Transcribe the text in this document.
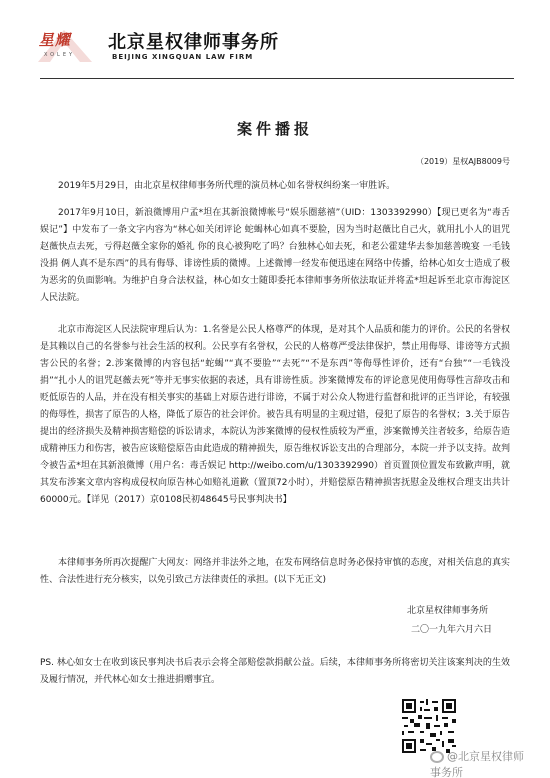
星耀
XOLEY
北京星权律师事务所
BEIJING XINGQUAN LAW FIRM
案件播报
（2019）星权AJB8009号

2019年5月29日，由北京星权律师事务所代理的演员林心如名誉权纠纷案一审胜诉。

2017年9月10日，新浪微博用户孟*坦在其新浪微博帐号“娱乐圈慈禧”（UID：1303392990）【现已更名为“毒舌娱记”】中发布了一条文字内容为“林心如关闭评论 蛇蝎林心如真不要脸，因为当时赵薇比自己火，就用扎小人的诅咒赵薇快点去死，亏得赵薇全家你的婚礼 你的良心被狗吃了吗？台独林心如去死，和老公霍建华去参加慈善晚宴 一毛钱没捐 俩人真不是东西”的具有侮辱、诽谤性质的微博。上述微博一经发布便迅速在网络中传播，给林心如女士造成了极为恶劣的负面影响。为维护自身合法权益，林心如女士随即委托本律师事务所依法取证并将孟*坦起诉至北京市海淀区人民法院。

北京市海淀区人民法院审理后认为：1.名誉是公民人格尊严的体现，是对其个人品质和能力的评价。公民的名誉权是其赖以自己的名誉参与社会生活的权利。公民享有名誉权，公民的人格尊严受法律保护，禁止用侮辱、诽谤等方式损害公民的名誉；2.涉案微博的内容包括“蛇蝎”“真不要脸”“去死”“不是东西”等侮辱性评价，还有“台独”“一毛钱没捐”“扎小人的诅咒赵薇去死”等并无事实依据的表述，具有诽谤性质。涉案微博发布的评论意见使用侮辱性言辞攻击和贬低原告的人品，并在没有相关事实的基础上对原告进行诽谤，不属于对公众人物进行监督和批评的正当评论，有较强的侮辱性，损害了原告的人格，降低了原告的社会评价。被告具有明显的主观过错，侵犯了原告的名誉权；3.关于原告提出的经济损失及精神损害赔偿的诉讼请求，本院认为涉案微博的侵权性质较为严重，涉案微博关注者较多，给原告造成精神压力和伤害，被告应该赔偿原告由此造成的精神损失，原告维权诉讼支出的合理部分，本院一并予以支持。故判令被告孟*坦在其新浪微博（用户名：毒舌娱记 http://weibo.com/u/1303392990）首页置顶位置发布致歉声明，就其发布涉案文章内容构成侵权向原告林心如赔礼道歉（置顶72小时），并赔偿原告精神损害抚慰金及维权合理支出共计60000元。【详见（2017）京0108民初48645号民事判决书】

本律师事务所再次提醒广大网友：网络并非法外之地，在发布网络信息时务必保持审慎的态度，对相关信息的真实性、合法性进行充分核实，以免引致己方法律责任的承担。(以下无正文)

北京星权律师事务所
二〇一九年六月六日

PS. 林心如女士在收到该民事判决书后表示会将全部赔偿款捐献公益。后续，本律师事务所将密切关注该案判决的生效及履行情况，并代林心如女士推进捐赠事宜。

@北京星权律师事务所
